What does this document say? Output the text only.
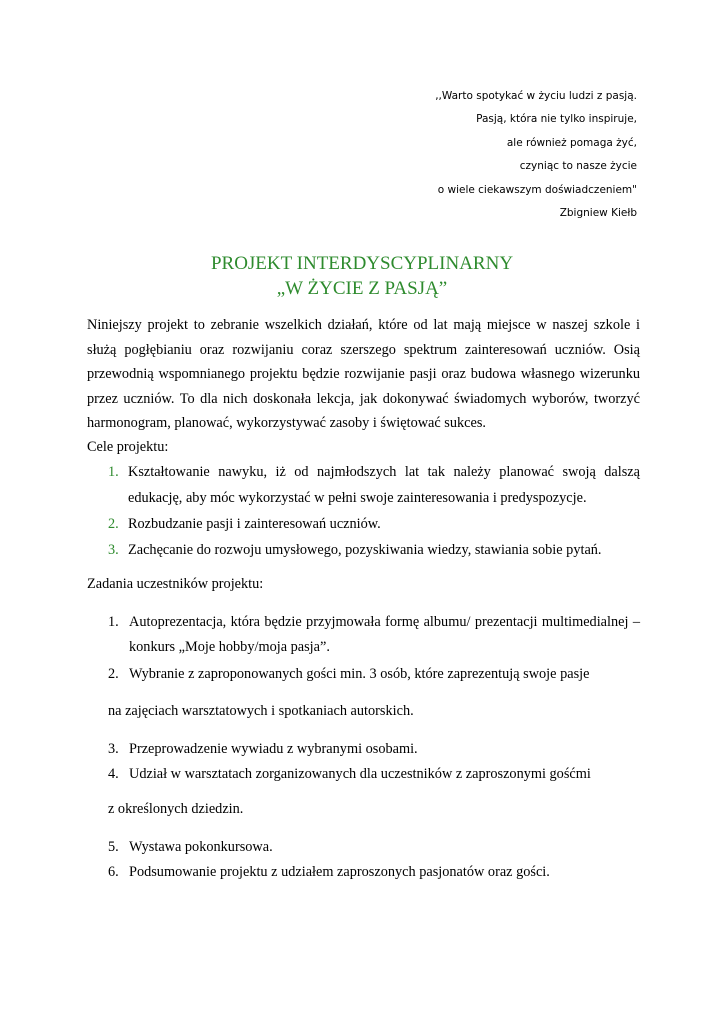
,,Warto spotykać w życiu ludzi z pasją.
Pasją, która nie tylko inspiruje,
ale również pomaga żyć,
czyniąc to nasze życie
o wiele ciekawszym doświadczeniem"
Zbigniew Kiełb
PROJEKT INTERDYSCYPLINARNY
„W ŻYCIE Z PASJĄ”
Niniejszy projekt to zebranie wszelkich działań, które od lat mają miejsce w naszej szkole i służą pogłębianiu oraz rozwijaniu coraz szerszego spektrum zainteresowań uczniów. Osią przewodnią wspomnianego projektu będzie rozwijanie pasji oraz budowa własnego wizerunku przez uczniów. To dla nich doskonała lekcja, jak dokonywać świadomych wyborów, tworzyć harmonogram, planować, wykorzystywać zasoby i świętować sukces.
Cele projektu:
1. Kształtowanie nawyku, iż od najmłodszych lat tak należy planować swoją dalszą edukację, aby móc wykorzystać w pełni swoje zainteresowania i predyspozycje.
2. Rozbudzanie pasji i zainteresowań uczniów.
3. Zachęcanie do rozwoju umysłowego, pozyskiwania wiedzy, stawiania sobie pytań.
Zadania uczestników projektu:
1. Autoprezentacja, która będzie przyjmowała formę albumu/ prezentacji multimedialnej – konkurs „Moje hobby/moja pasja”.
2. Wybranie z zaproponowanych gości min. 3 osób, które zaprezentują swoje pasje
na zajęciach warsztatowych i spotkaniach autorskich.
3. Przeprowadzenie wywiadu z wybranymi osobami.
4. Udział w warsztatach zorganizowanych dla uczestników z zaproszonymi gośćmi
z określonych dziedzin.
5. Wystawa pokonkursowa.
6. Podsumowanie projektu z udziałem zaproszonych pasjonatów oraz gości.
